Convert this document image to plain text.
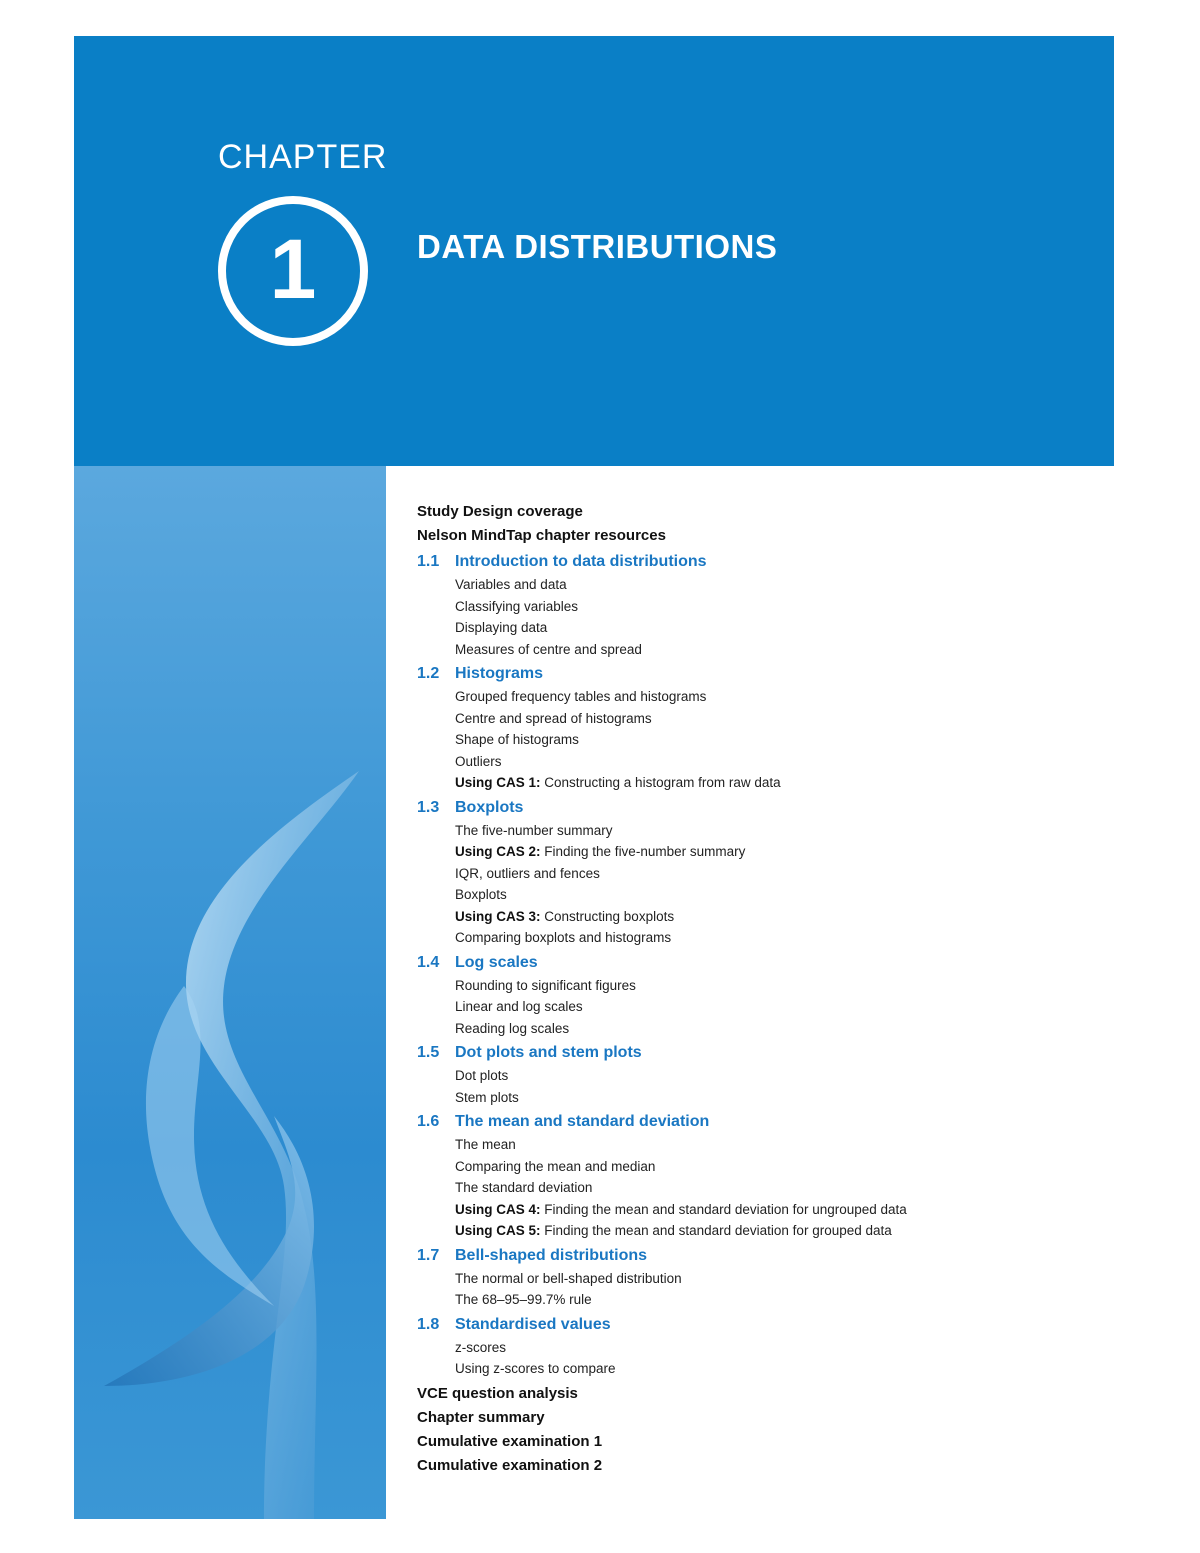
CHAPTER
1	DATA DISTRIBUTIONS
Study Design coverage
Nelson MindTap chapter resources
1.1 Introduction to data distributions
Variables and data
Classifying variables
Displaying data
Measures of centre and spread
1.2 Histograms
Grouped frequency tables and histograms
Centre and spread of histograms
Shape of histograms
Outliers
Using CAS 1: Constructing a histogram from raw data
1.3 Boxplots
The five-number summary
Using CAS 2: Finding the five-number summary
IQR, outliers and fences
Boxplots
Using CAS 3: Constructing boxplots
Comparing boxplots and histograms
1.4 Log scales
Rounding to significant figures
Linear and log scales
Reading log scales
1.5 Dot plots and stem plots
Dot plots
Stem plots
1.6 The mean and standard deviation
The mean
Comparing the mean and median
The standard deviation
Using CAS 4: Finding the mean and standard deviation for ungrouped data
Using CAS 5: Finding the mean and standard deviation for grouped data
1.7 Bell-shaped distributions
The normal or bell-shaped distribution
The 68–95–99.7% rule
1.8 Standardised values
z-scores
Using z-scores to compare
VCE question analysis
Chapter summary
Cumulative examination 1
Cumulative examination 2
